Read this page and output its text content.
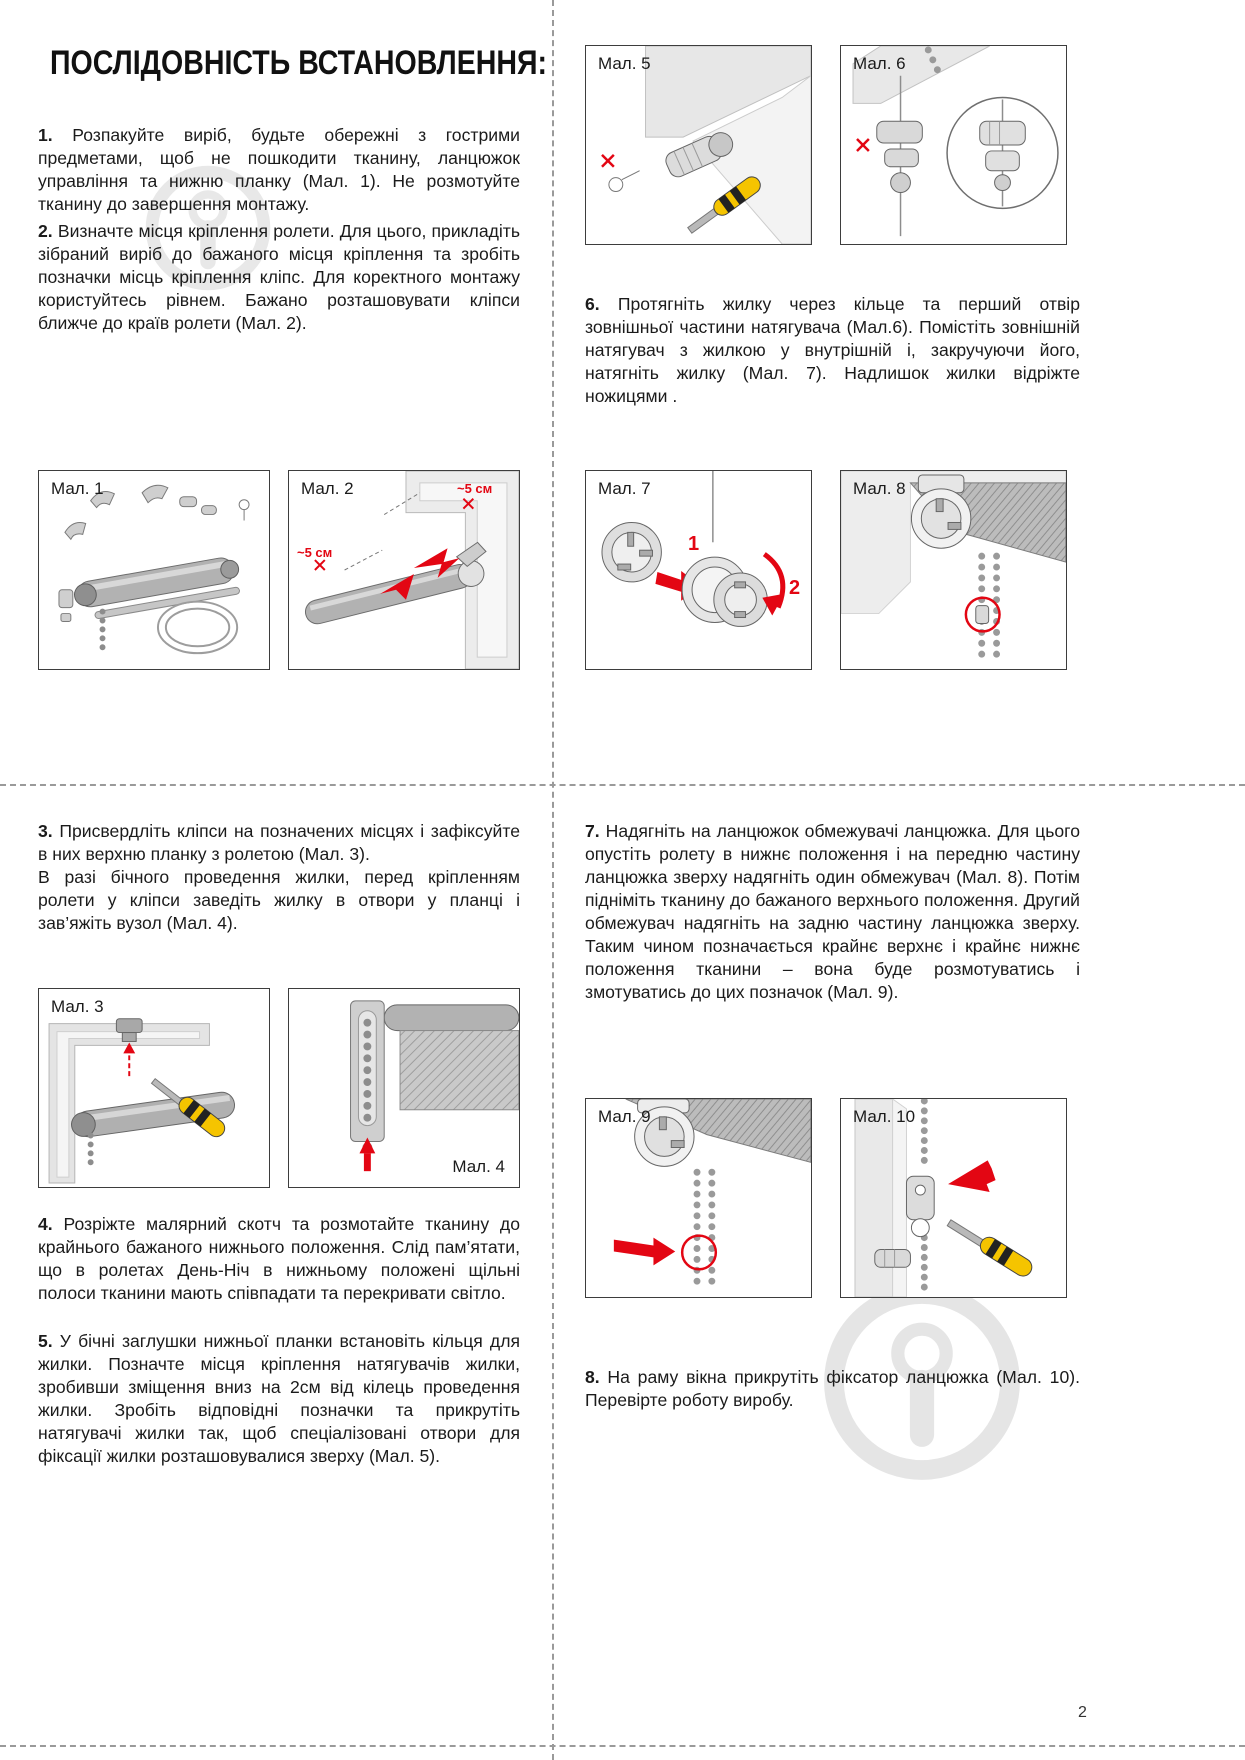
ПОСЛІДОВНІСТЬ ВСТАНОВЛЕННЯ:

1. Розпакуйте виріб, будьте обережні з гострими предметами, щоб не пошкодити тканину, ланцюжок управління та нижню планку (Мал. 1). Не розмотуйте тканину до завершення монтажу.

2. Визначте місця кріплення ролети. Для цього, прикладіть зібраний виріб до бажаного місця кріплення та зробіть позначки місць кріплення кліпс. Для коректного монтажу користуйтесь рівнем. Бажано розташовувати кліпси ближче до країв ролети (Мал. 2).

Мал. 5	Мал. 6

6. Протягніть жилку через кільце та перший отвір зовнішньої частини натягувача (Мал.6). Помістіть зовнішній натягувач з жилкою у внутрішній і, закручуючи його, натягніть жилку (Мал. 7). Надлишок жилки відріжте ножицями .

Мал. 1	Мал. 2	~5 см
~5 см
Мал. 7
1
2
Мал. 8

3. Присвердліть кліпси на позначених місцях і зафіксуйте в них верхню планку з ролетою (Мал. 3).
В разі бічного проведення жилки, перед кріпленням ролети у кліпси заведіть жилку в отвори у планці і зав’яжіть вузол (Мал. 4).

7. Надягніть на ланцюжок обмежувачі ланцюжка. Для цього опустіть ролету в нижнє положення і на передню частину ланцюжка зверху надягніть один обмежувач (Мал. 8). Потім підніміть тканину до бажаного верхнього положення. Другий обмежувач надягніть на задню частину ланцюжка зверху. Таким чином позначається крайнє верхнє і крайнє нижнє положення тканини – вона буде розмотуватись і змотуватись до цих позначок (Мал. 9).

Мал. 3
Мал. 4

4. Розріжте малярний скотч та розмотайте тканину до крайнього бажаного нижнього положення. Слід пам’ятати, що в ролетах День-Ніч в нижньому положені щільні полоси тканини мають співпадати та перекривати світло.

5. У бічні заглушки нижньої планки встановіть кільця для жилки. Позначте місця кріплення натягувачів жилки, зробивши зміщення вниз на 2см від кілець проведення жилки. Зробіть відповідні позначки та прикрутіть натягувачі жилки так, щоб спеціалізовані отвори для фіксації жилки розташовувалися зверху (Мал. 5).

Мал. 9	Мал. 10

8. На раму вікна прикрутіть фіксатор ланцюжка (Мал. 10). Перевірте роботу виробу.

2
